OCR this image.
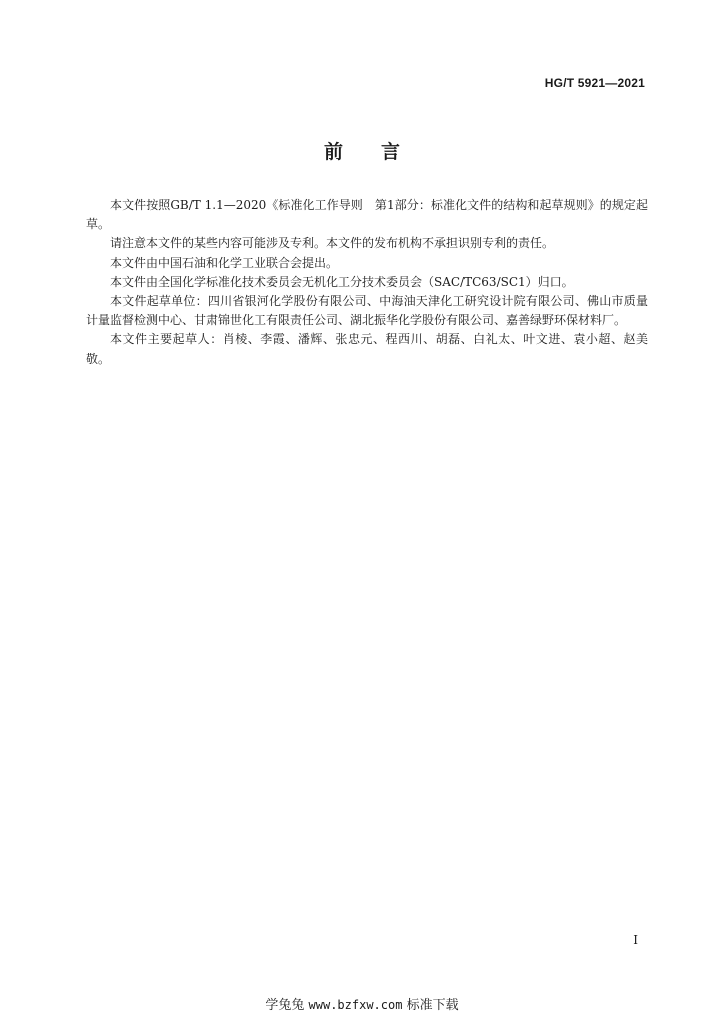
HG/T 5921—2021
前言

本文件按照GB/T 1.1—2020《标准化工作导则　第1部分：标准化文件的结构和起草规则》的规定起草。

请注意本文件的某些内容可能涉及专利。本文件的发布机构不承担识别专利的责任。

本文件由中国石油和化学工业联合会提出。

本文件由全国化学标准化技术委员会无机化工分技术委员会（SAC/TC63/SC1）归口。

本文件起草单位：四川省银河化学股份有限公司、中海油天津化工研究设计院有限公司、佛山市质量计量监督检测中心、甘肃锦世化工有限责任公司、湖北振华化学股份有限公司、嘉善绿野环保材料厂。

本文件主要起草人：肖棱、李霞、潘辉、张忠元、程西川、胡磊、白礼太、叶文进、袁小超、赵美敬。

I
学兔兔 www.bzfxw.com 标准下载
